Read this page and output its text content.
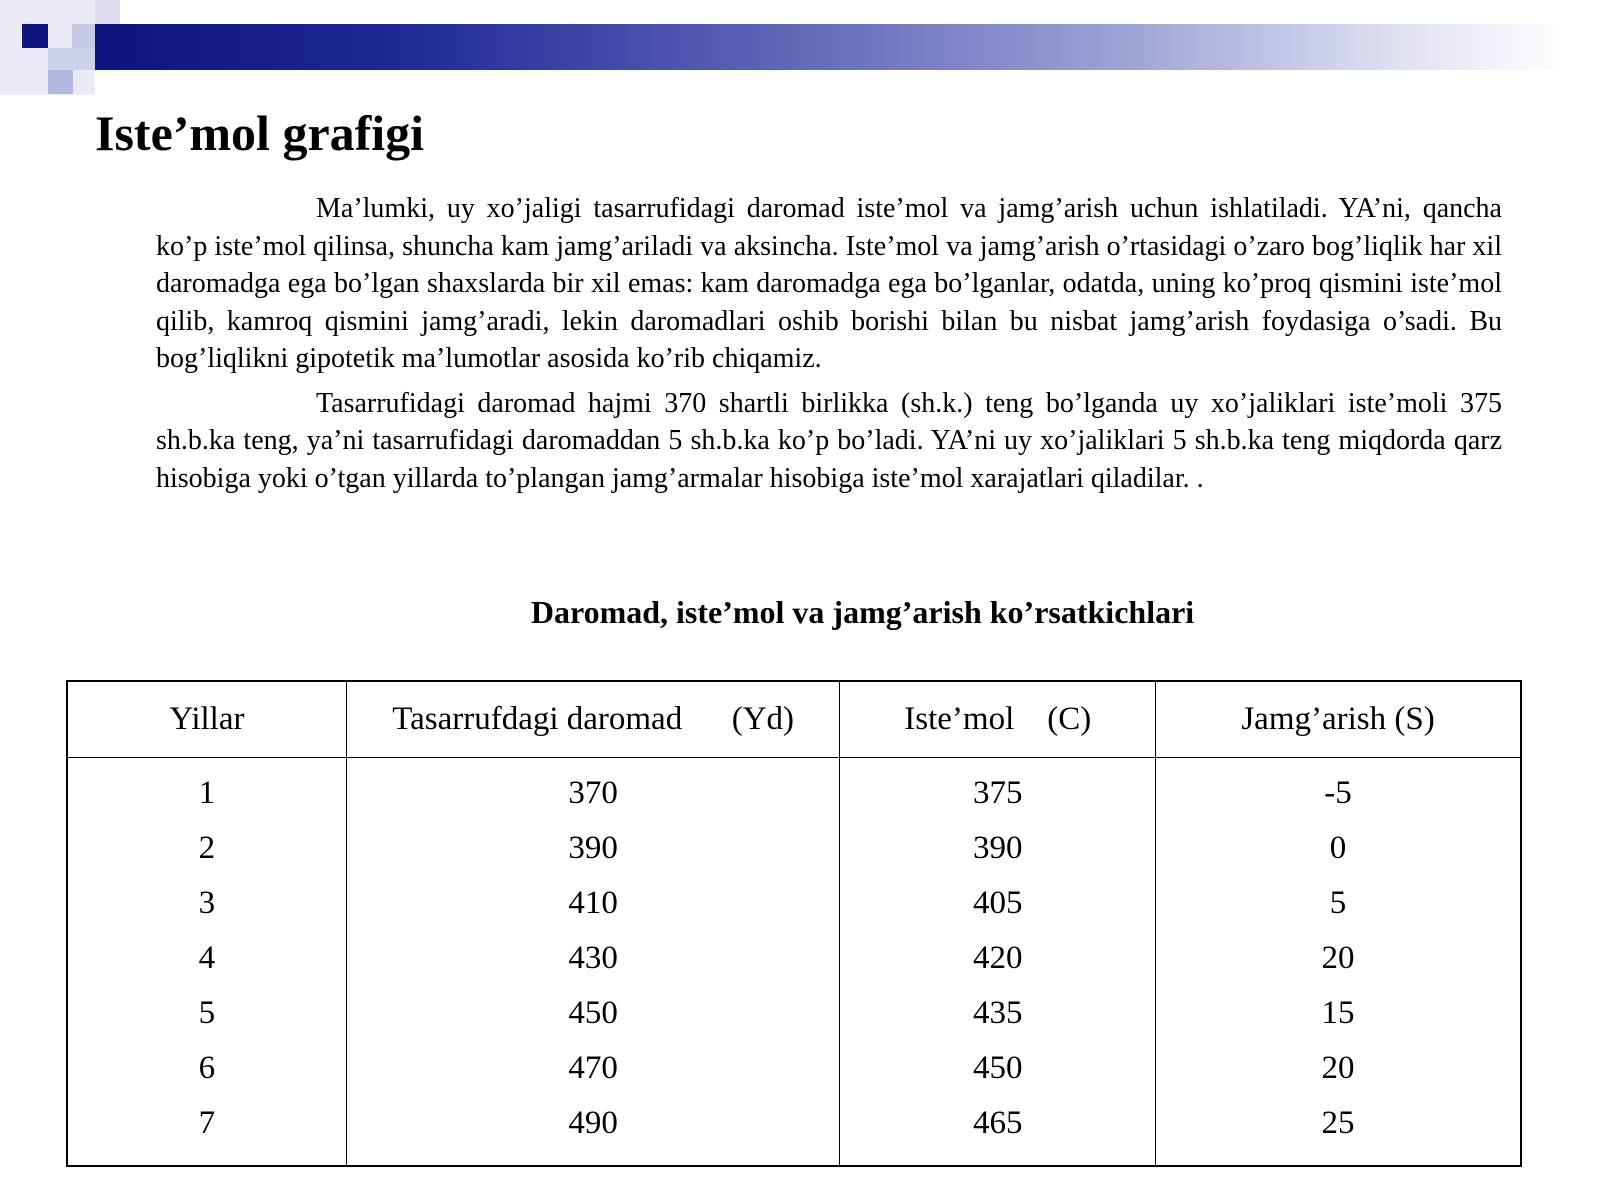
Iste’mol grafigi

Ma’lumki, uy xo’jaligi tasarrufidagi daromad iste’mol va jamg’arish uchun ishlatiladi. YA’ni, qancha ko’p iste’mol qilinsa, shuncha kam jamg’ariladi va aksincha. Iste’mol va jamg’arish o’rtasidagi o’zaro bog’liqlik har xil daromadga ega bo’lgan shaxslarda bir xil emas: kam daromadga ega bo’lganlar, odatda, uning ko’proq qismini iste’mol qilib, kamroq qismini jamg’aradi, lekin daromadlari oshib borishi bilan bu nisbat jamg’arish foydasiga o’sadi. Bu bog’liqlikni gipotetik ma’lumotlar asosida ko’rib chiqamiz.

Tasarrufidagi daromad hajmi 370 shartli birlikka (sh.k.) teng bo’lganda uy xo’jaliklari iste’moli 375 sh.b.ka teng, ya’ni tasarrufidagi daromaddan 5 sh.b.ka ko’p bo’ladi. YA’ni uy xo’jaliklari 5 sh.b.ka teng miqdorda qarz hisobiga yoki o’tgan yillarda to’plangan jamg’armalar hisobiga iste’mol xarajatlari qiladilar. .

Daromad, iste’mol va jamg’arish ko’rsatkichlari
Yillar	Tasarrufdagi daromad      (Yd)	Iste’mol    (C)	Jamg’arish (S)
1	370	375	-5
2	390	390	0
3	410	405	5
4	430	420	20
5	450	435	15
6	470	450	20
7	490	465	25
